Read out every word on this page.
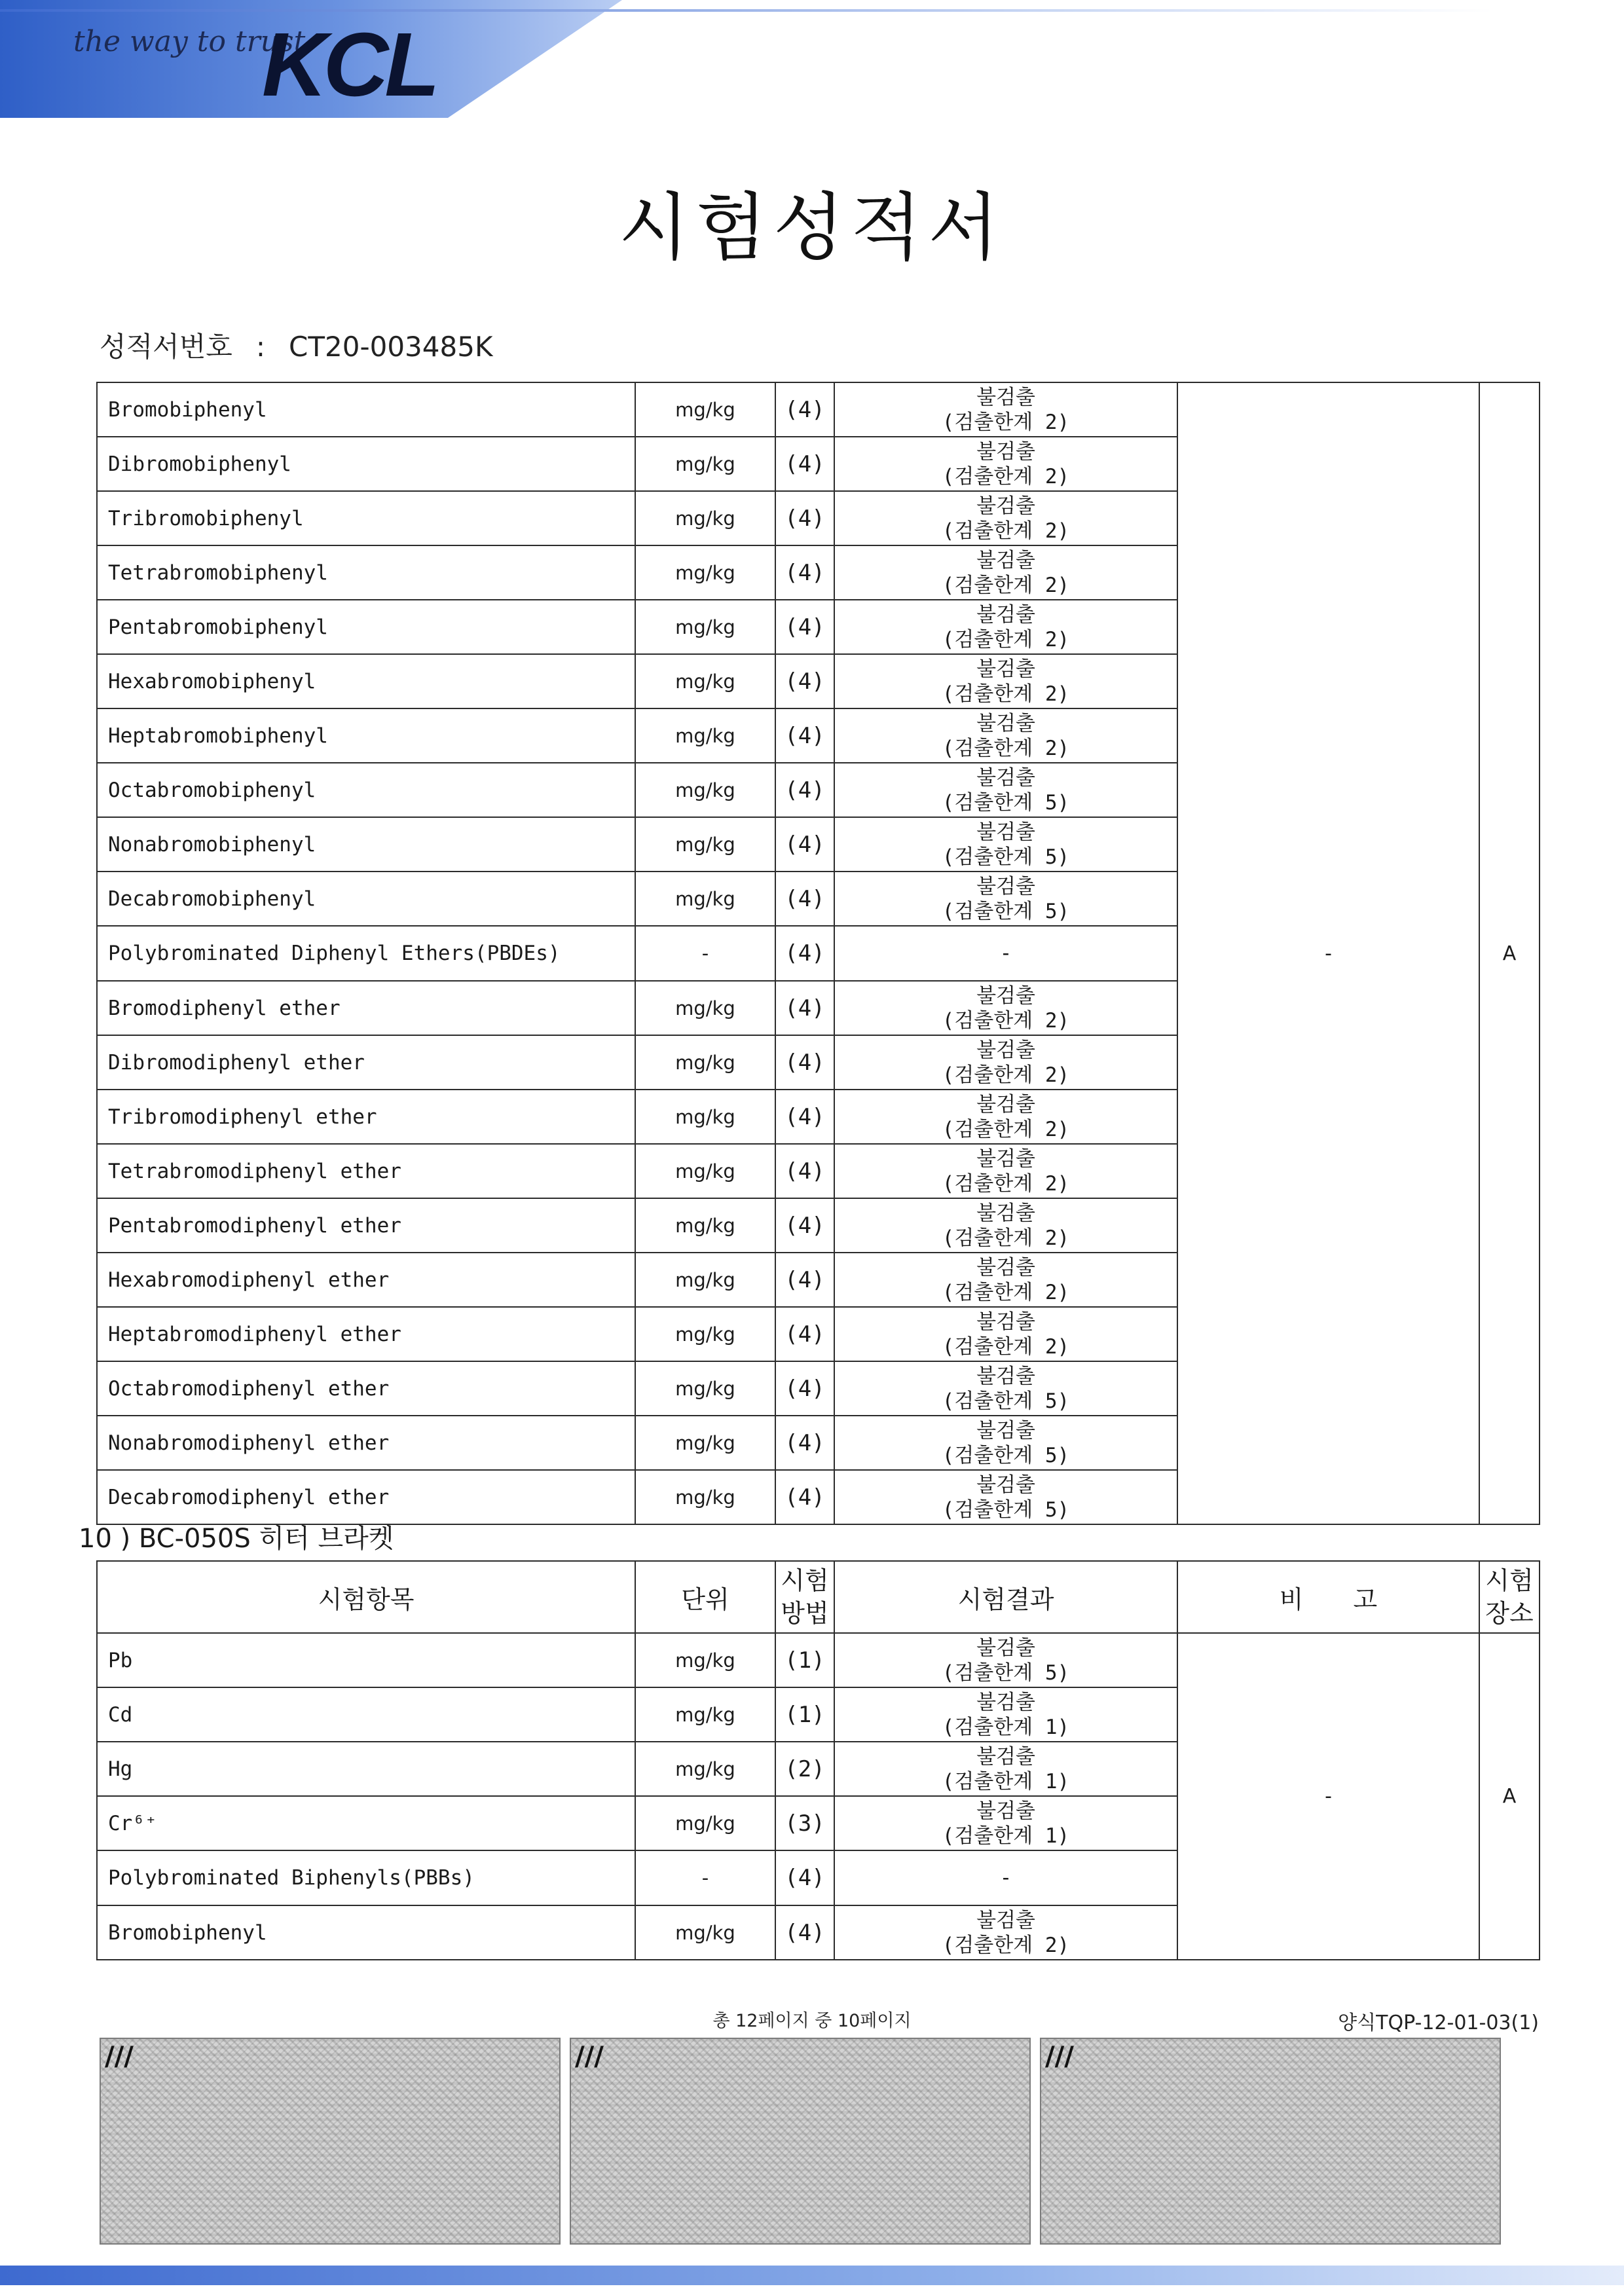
the way to trust
KCL
시험성적서
성적서번호 : CT20-003485K
Bromobiphenyl	mg/kg	(4)	불검출
(검출한계 2)	-	A
Dibromobiphenyl	mg/kg	(4)	불검출
(검출한계 2)		

Tribromobiphenyl	mg/kg	(4)	불검출
(검출한계 2)		

Tetrabromobiphenyl	mg/kg	(4)	불검출
(검출한계 2)		

Pentabromobiphenyl	mg/kg	(4)	불검출
(검출한계 2)		

Hexabromobiphenyl	mg/kg	(4)	불검출
(검출한계 2)		

Heptabromobiphenyl	mg/kg	(4)	불검출
(검출한계 2)		

Octabromobiphenyl	mg/kg	(4)	불검출
(검출한계 5)		

Nonabromobiphenyl	mg/kg	(4)	불검출
(검출한계 5)		

Decabromobiphenyl	mg/kg	(4)	불검출
(검출한계 5)		

Polybrominated Diphenyl Ethers(PBDEs)	-	(4)	-		

Bromodiphenyl ether	mg/kg	(4)	불검출
(검출한계 2)		

Dibromodiphenyl ether	mg/kg	(4)	불검출
(검출한계 2)		

Tribromodiphenyl ether	mg/kg	(4)	불검출
(검출한계 2)		

Tetrabromodiphenyl ether	mg/kg	(4)	불검출
(검출한계 2)		

Pentabromodiphenyl ether	mg/kg	(4)	불검출
(검출한계 2)		

Hexabromodiphenyl ether	mg/kg	(4)	불검출
(검출한계 2)		

Heptabromodiphenyl ether	mg/kg	(4)	불검출
(검출한계 2)		

Octabromodiphenyl ether	mg/kg	(4)	불검출
(검출한계 5)		

Nonabromodiphenyl ether	mg/kg	(4)	불검출
(검출한계 5)		

Decabromodiphenyl ether	mg/kg	(4)	불검출
(검출한계 5)		
10 ) BC-050S 히터 브라켓
시험항목	단위	시험
방법	시험결과	비　　고	시험
장소

Pb	mg/kg	(1)	불검출
(검출한계 5)	-	A
Cd	mg/kg	(1)	불검출
(검출한계 1)		

Hg	mg/kg	(2)	불검출
(검출한계 1)		

Cr⁶⁺	mg/kg	(3)	불검출
(검출한계 1)		

Polybrominated Biphenyls(PBBs)	-	(4)	-		

Bromobiphenyl	mg/kg	(4)	불검출
(검출한계 2)		
총 12페이지 중 10페이지	양식TQP-12-01-03(1)
///	///	///
